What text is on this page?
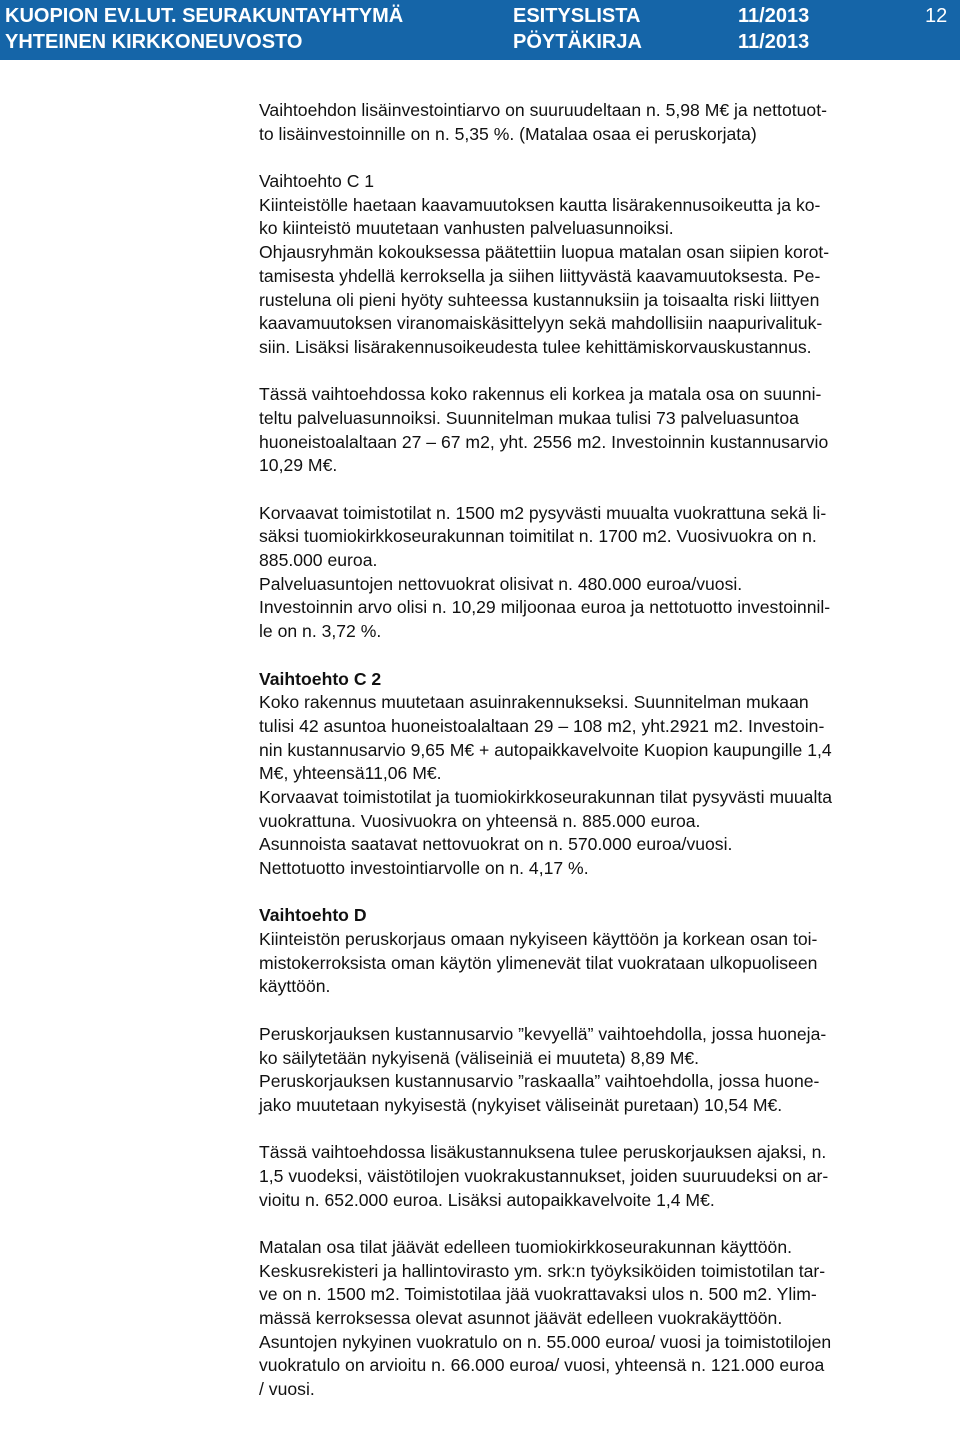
KUOPION EV.LUT. SEURAKUNTAYHTYMÄ
YHTEINEN KIRKKONEUVOSTO
ESITYSLISTA
PÖYTÄKIRJA
11/2013
11/2013
12
Vaihtoehdon lisäinvestointiarvo on suuruudeltaan n. 5,98 M€ ja nettotuot-
to lisäinvestoinnille on n. 5,35 %. (Matalaa osaa ei peruskorjata)
Vaihtoehto C 1
Kiinteistölle haetaan kaavamuutoksen kautta lisärakennusoikeutta ja ko-
ko kiinteistö muutetaan vanhusten palveluasunnoiksi.
Ohjausryhmän kokouksessa päätettiin luopua matalan osan siipien korot-
tamisesta yhdellä kerroksella ja siihen liittyvästä kaavamuutoksesta. Pe-
rusteluna oli pieni hyöty suhteessa kustannuksiin ja toisaalta riski liittyen
kaavamuutoksen viranomaiskäsittelyyn sekä mahdollisiin naapurivalituk-
siin. Lisäksi lisärakennusoikeudesta tulee kehittämiskorvauskustannus.
Tässä vaihtoehdossa koko rakennus eli korkea ja matala osa on suunni-
teltu palveluasunnoiksi. Suunnitelman mukaa tulisi 73 palveluasuntoa
huoneistoalaltaan 27 – 67 m2, yht. 2556 m2. Investoinnin kustannusarvio
10,29 M€.
Korvaavat toimistotilat n. 1500 m2 pysyvästi muualta vuokrattuna sekä li-
säksi tuomiokirkkoseurakunnan toimitilat n. 1700 m2. Vuosivuokra on n.
885.000 euroa.
Palveluasuntojen nettovuokrat olisivat n. 480.000 euroa/vuosi.
Investoinnin arvo olisi n. 10,29 miljoonaa euroa ja nettotuotto investoinnil-
le on n. 3,72 %.
Vaihtoehto C 2
Koko rakennus muutetaan asuinrakennukseksi. Suunnitelman mukaan
tulisi 42 asuntoa huoneistoalaltaan 29 – 108 m2, yht.2921 m2. Investoin-
nin kustannusarvio 9,65 M€ + autopaikkavelvoite Kuopion kaupungille 1,4
M€, yhteensä11,06 M€.
Korvaavat toimistotilat ja tuomiokirkkoseurakunnan tilat pysyvästi muualta
vuokrattuna. Vuosivuokra on yhteensä n. 885.000 euroa.
Asunnoista saatavat nettovuokrat on n. 570.000 euroa/vuosi.
Nettotuotto investointiarvolle on n. 4,17 %.
Vaihtoehto D
Kiinteistön peruskorjaus omaan nykyiseen käyttöön ja korkean osan toi-
mistokerroksista oman käytön ylimenevät tilat vuokrataan ulkopuoliseen
käyttöön.
Peruskorjauksen kustannusarvio ”kevyellä” vaihtoehdolla, jossa huoneja-
ko säilytetään nykyisenä (väliseiniä ei muuteta) 8,89 M€.
Peruskorjauksen kustannusarvio ”raskaalla” vaihtoehdolla, jossa huone-
jako muutetaan nykyisestä (nykyiset väliseinät puretaan) 10,54 M€.
Tässä vaihtoehdossa lisäkustannuksena tulee peruskorjauksen ajaksi, n.
1,5 vuodeksi, väistötilojen vuokrakustannukset, joiden suuruudeksi on ar-
vioitu n. 652.000 euroa. Lisäksi autopaikkavelvoite 1,4 M€.
Matalan osa tilat jäävät edelleen tuomiokirkkoseurakunnan käyttöön.
Keskusrekisteri ja hallintovirasto ym. srk:n työyksiköiden toimistotilan tar-
ve on n. 1500 m2. Toimistotilaa jää vuokrattavaksi ulos n. 500 m2. Ylim-
mässä kerroksessa olevat asunnot jäävät edelleen vuokrakäyttöön.
Asuntojen nykyinen vuokratulo on n. 55.000 euroa/ vuosi ja toimistotilojen
vuokratulo on arvioitu n. 66.000 euroa/ vuosi, yhteensä n. 121.000 euroa
/ vuosi.
